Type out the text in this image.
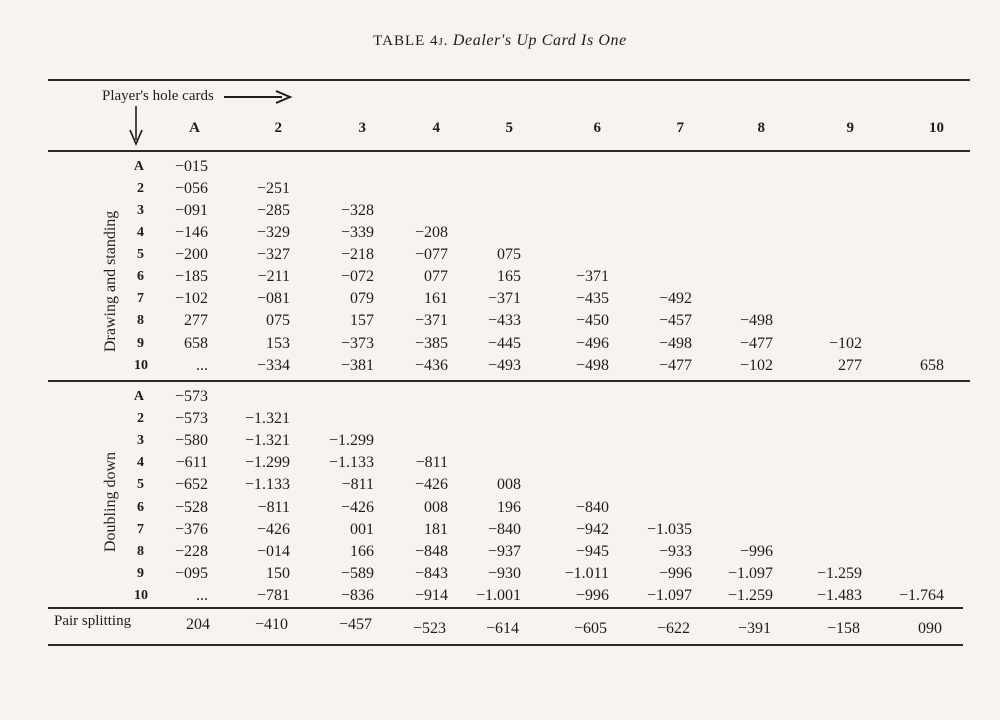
TABLE 4j. Dealer's Up Card Is One
Player's hole cards
A	2	3	4	5	6	7	8	9	10
Drawing and standing
Doubling down
A	−015
2	−056	−251
3	−091	−285	−328
4	−146	−329	−339	−208
5	−200	−327	−218	−077	075
6	−185	−211	−072	077	165	−371
7	−102	−081	079	161	−371	−435	−492
8	277	075	157	−371	−433	−450	−457	−498
9	658	153	−373	−385	−445	−496	−498	−477	−102
10	...	−334	−381	−436	−493	−498	−477	−102	277	658
A	−573
2	−573	−1.321
3	−580	−1.321	−1.299
4	−611	−1.299	−1.133	−811
5	−652	−1.133	−811	−426	008
6	−528	−811	−426	008	196	−840
7	−376	−426	001	181	−840	−942	−1.035
8	−228	−014	166	−848	−937	−945	−933	−996
9	−095	150	−589	−843	−930	−1.011	−996	−1.097	−1.259
10	...	−781	−836	−914	−1.001	−996	−1.097	−1.259	−1.483	−1.764
Pair splitting	204	−410	−457	−523	−614	−605	−622	−391	−158	090
